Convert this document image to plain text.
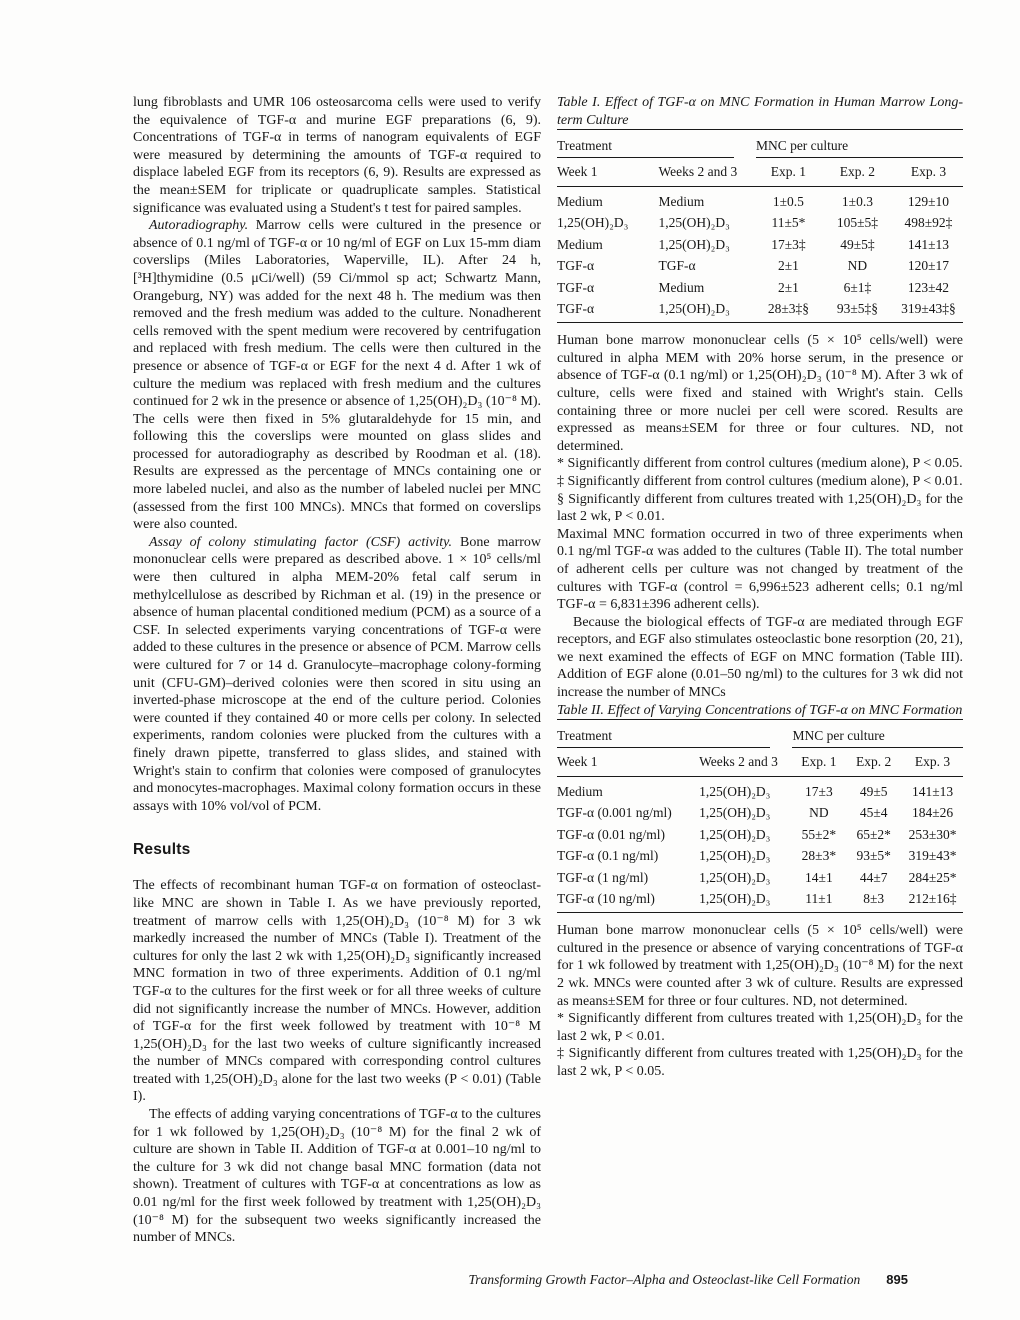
lung fibroblasts and UMR 106 osteosarcoma cells were used to verify the equivalence of TGF-α and murine EGF preparations (6, 9). Concentrations of TGF-α in terms of nanogram equivalents of EGF were measured by determining the amounts of TGF-α required to displace labeled EGF from its receptors (6, 9). Results are expressed as the mean±SEM for triplicate or quadruplicate samples. Statistical significance was evaluated using a Student's t test for paired samples.

Autoradiography. Marrow cells were cultured in the presence or absence of 0.1 ng/ml of TGF-α or 10 ng/ml of EGF on Lux 15-mm diam coverslips (Miles Laboratories, Waperville, IL). After 24 h, [³H]thymidine (0.5 μCi/well) (59 Ci/mmol sp act; Schwartz Mann, Orangeburg, NY) was added for the next 48 h. The medium was then removed and the fresh medium was added to the culture. Nonadherent cells removed with the spent medium were recovered by centrifugation and replaced with fresh medium. The cells were then cultured in the presence or absence of TGF-α or EGF for the next 4 d. After 1 wk of culture the medium was replaced with fresh medium and the cultures continued for 2 wk in the presence or absence of 1,25(OH)₂D₃ (10⁻⁸ M). The cells were then fixed in 5% glutaraldehyde for 15 min, and following this the coverslips were mounted on glass slides and processed for autoradiography as described by Roodman et al. (18). Results are expressed as the percentage of MNCs containing one or more labeled nuclei, and also as the number of labeled nuclei per MNC (assessed from the first 100 MNCs). MNCs that formed on coverslips were also counted.

Assay of colony stimulating factor (CSF) activity. Bone marrow mononuclear cells were prepared as described above. 1 × 10⁵ cells/ml were then cultured in alpha MEM-20% fetal calf serum in methylcellulose as described by Richman et al. (19) in the presence or absence of human placental conditioned medium (PCM) as a source of a CSF. In selected experiments varying concentrations of TGF-α were added to these cultures in the presence or absence of PCM. Marrow cells were cultured for 7 or 14 d. Granulocyte–macrophage colony-forming unit (CFU-GM)–derived colonies were then scored in situ using an inverted-phase microscope at the end of the culture period. Colonies were counted if they contained 40 or more cells per colony. In selected experiments, random colonies were plucked from the cultures with a finely drawn pipette, transferred to glass slides, and stained with Wright's stain to confirm that colonies were composed of granulocytes and monocytes-macrophages. Maximal colony formation occurs in these assays with 10% vol/vol of PCM.

Results

The effects of recombinant human TGF-α on formation of osteoclast-like MNC are shown in Table I. As we have previously reported, treatment of marrow cells with 1,25(OH)₂D₃ (10⁻⁸ M) for 3 wk markedly increased the number of MNCs (Table I). Treatment of the cultures for only the last 2 wk with 1,25(OH)₂D₃ significantly increased MNC formation in two of three experiments. Addition of 0.1 ng/ml TGF-α to the cultures for the first week or for all three weeks of culture did not significantly increase the number of MNCs. However, addition of TGF-α for the first week followed by treatment with 10⁻⁸ M 1,25(OH)₂D₃ for the last two weeks of culture significantly increased the number of MNCs compared with corresponding control cultures treated with 1,25(OH)₂D₃ alone for the last two weeks (P < 0.01) (Table I).

The effects of adding varying concentrations of TGF-α to the cultures for 1 wk followed by 1,25(OH)₂D₃ (10⁻⁸ M) for the final 2 wk of culture are shown in Table II. Addition of TGF-α at 0.001–10 ng/ml to the culture for 3 wk did not change basal MNC formation (data not shown). Treatment of cultures with TGF-α at concentrations as low as 0.01 ng/ml for the first week followed by treatment with 1,25(OH)₂D₃ (10⁻⁸ M) for the subsequent two weeks significantly increased the number of MNCs.

Table I. Effect of TGF-α on MNC Formation in Human Marrow Long-term Culture

Treatment		MNC per culture		

Week 1	Weeks 2 and 3	Exp. 1	Exp. 2	Exp. 3
Medium	Medium	1±0.5	1±0.3	129±10
1,25(OH)₂D₃	1,25(OH)₂D₃	11±5*	105±5‡	498±92‡
Medium	1,25(OH)₂D₃	17±3‡	49±5‡	141±13
TGF-α	TGF-α	2±1	ND	120±17
TGF-α	Medium	2±1	6±1‡	123±42
TGF-α	1,25(OH)₂D₃	28±3‡§	93±5‡§	319±43‡§

Human bone marrow mononuclear cells (5 × 10⁵ cells/well) were cultured in alpha MEM with 20% horse serum, in the presence or absence of TGF-α (0.1 ng/ml) or 1,25(OH)₂D₃ (10⁻⁸ M). After 3 wk of culture, cells were fixed and stained with Wright's stain. Cells containing three or more nuclei per cell were scored. Results are expressed as means±SEM for three or four cultures. ND, not determined.

* Significantly different from control cultures (medium alone), P < 0.05.

‡ Significantly different from control cultures (medium alone), P < 0.01.

§ Significantly different from cultures treated with 1,25(OH)₂D₃ for the last 2 wk, P < 0.01.

Maximal MNC formation occurred in two of three experiments when 0.1 ng/ml TGF-α was added to the cultures (Table II). The total number of adherent cells per culture was not changed by treatment of the cultures with TGF-α (control = 6,996±523 adherent cells; 0.1 ng/ml TGF-α = 6,831±396 adherent cells).

Because the biological effects of TGF-α are mediated through EGF receptors, and EGF also stimulates osteoclastic bone resorption (20, 21), we next examined the effects of EGF on MNC formation (Table III). Addition of EGF alone (0.01–50 ng/ml) to the cultures for 3 wk did not increase the number of MNCs

Table II. Effect of Varying Concentrations of TGF-α on MNC Formation

Treatment		MNC per culture		

Week 1	Weeks 2 and 3	Exp. 1	Exp. 2	Exp. 3
Medium	1,25(OH)₂D₃	17±3	49±5	141±13
TGF-α (0.001 ng/ml)	1,25(OH)₂D₃	ND	45±4	184±26
TGF-α (0.01 ng/ml)	1,25(OH)₂D₃	55±2*	65±2*	253±30*
TGF-α (0.1 ng/ml)	1,25(OH)₂D₃	28±3*	93±5*	319±43*
TGF-α (1 ng/ml)	1,25(OH)₂D₃	14±1	44±7	284±25*
TGF-α (10 ng/ml)	1,25(OH)₂D₃	11±1	8±3	212±16‡

Human bone marrow mononuclear cells (5 × 10⁵ cells/well) were cultured in the presence or absence of varying concentrations of TGF-α for 1 wk followed by treatment with 1,25(OH)₂D₃ (10⁻⁸ M) for the next 2 wk. MNCs were counted after 3 wk of culture. Results are expressed as means±SEM for three or four cultures. ND, not determined.

* Significantly different from cultures treated with 1,25(OH)₂D₃ for the last 2 wk, P < 0.01.

‡ Significantly different from cultures treated with 1,25(OH)₂D₃ for the last 2 wk, P < 0.05.

Transforming Growth Factor–Alpha and Osteoclast-like Cell Formation 895
